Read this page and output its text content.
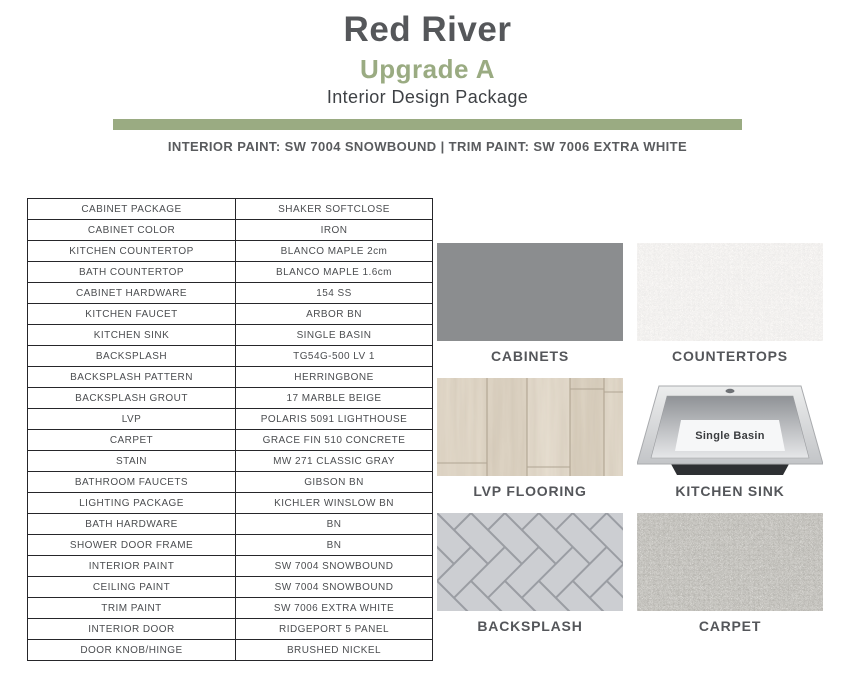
Red River
Upgrade A
Interior Design Package
INTERIOR PAINT: SW 7004 SNOWBOUND | TRIM PAINT: SW 7006 EXTRA WHITE
CABINET PACKAGE	SHAKER SOFTCLOSE
CABINET COLOR	IRON
KITCHEN COUNTERTOP	BLANCO MAPLE 2cm
BATH COUNTERTOP	BLANCO MAPLE 1.6cm
CABINET HARDWARE	154 SS
KITCHEN FAUCET	ARBOR BN
KITCHEN SINK	SINGLE BASIN
BACKSPLASH	TG54G-500 LV 1
BACKSPLASH PATTERN	HERRINGBONE
BACKSPLASH GROUT	17 MARBLE BEIGE
LVP	POLARIS 5091 LIGHTHOUSE
CARPET	GRACE FIN 510 CONCRETE
STAIN	MW 271 CLASSIC GRAY
BATHROOM FAUCETS	GIBSON BN
LIGHTING PACKAGE	KICHLER WINSLOW BN
BATH HARDWARE	BN
SHOWER DOOR FRAME	BN
INTERIOR PAINT	SW 7004 SNOWBOUND
CEILING PAINT	SW 7004 SNOWBOUND
TRIM PAINT	SW 7006 EXTRA WHITE
INTERIOR DOOR	RIDGEPORT 5 PANEL
DOOR KNOB/HINGE	BRUSHED NICKEL
CABINETS	COUNTERTOPS
LVP FLOORING
Single Basin
KITCHEN SINK
BACKSPLASH	CARPET
